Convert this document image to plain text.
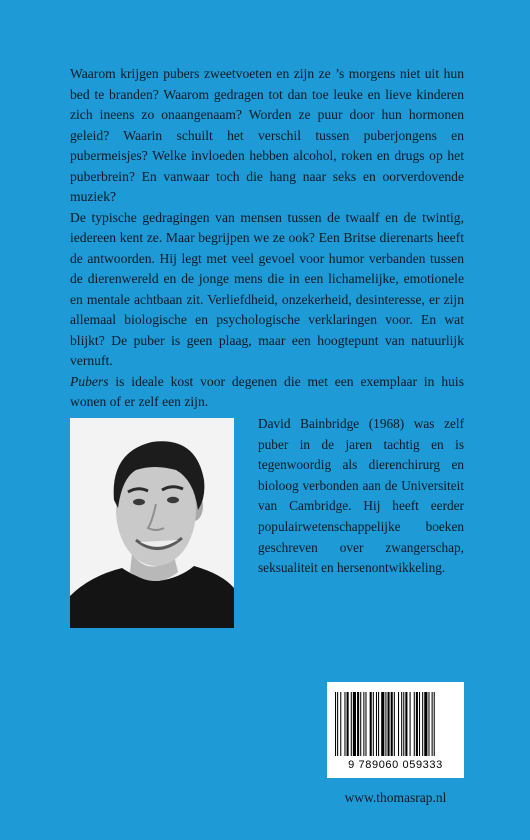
Waarom krijgen pubers zweetvoeten en zijn ze ’s morgens niet uit hun bed te branden? Waarom gedragen tot dan toe leuke en lieve kinderen zich ineens zo onaangenaam? Worden ze puur door hun hormonen geleid? Waarin schuilt het verschil tussen puberjongens en pubermeisjes? Welke invloeden hebben alcohol, roken en drugs op het puberbrein? En vanwaar toch die hang naar seks en oorverdovende muziek?

De typische gedragingen van mensen tussen de twaalf en de twintig, iedereen kent ze. Maar begrijpen we ze ook? Een Britse dierenarts heeft de antwoorden. Hij legt met veel gevoel voor humor verbanden tussen de dierenwereld en de jonge mens die in een lichamelijke, emotionele en mentale achtbaan zit. Verliefdheid, onzekerheid, desinteresse, er zijn allemaal biologische en psychologische verklaringen voor. En wat blijkt? De puber is geen plaag, maar een hoogtepunt van natuurlijk vernuft.

Pubers is ideale kost voor degenen die met een exemplaar in huis wonen of er zelf een zijn.

David Bainbridge (1968) was zelf puber in de jaren tachtig en is tegenwoordig als dierenchirurg en bioloog verbonden aan de Universiteit van Cambridge. Hij heeft eerder populairwetenschappelijke boeken geschreven over zwangerschap, seksualiteit en hersenontwikkeling.

9 789060 059333
www.thomasrap.nl
